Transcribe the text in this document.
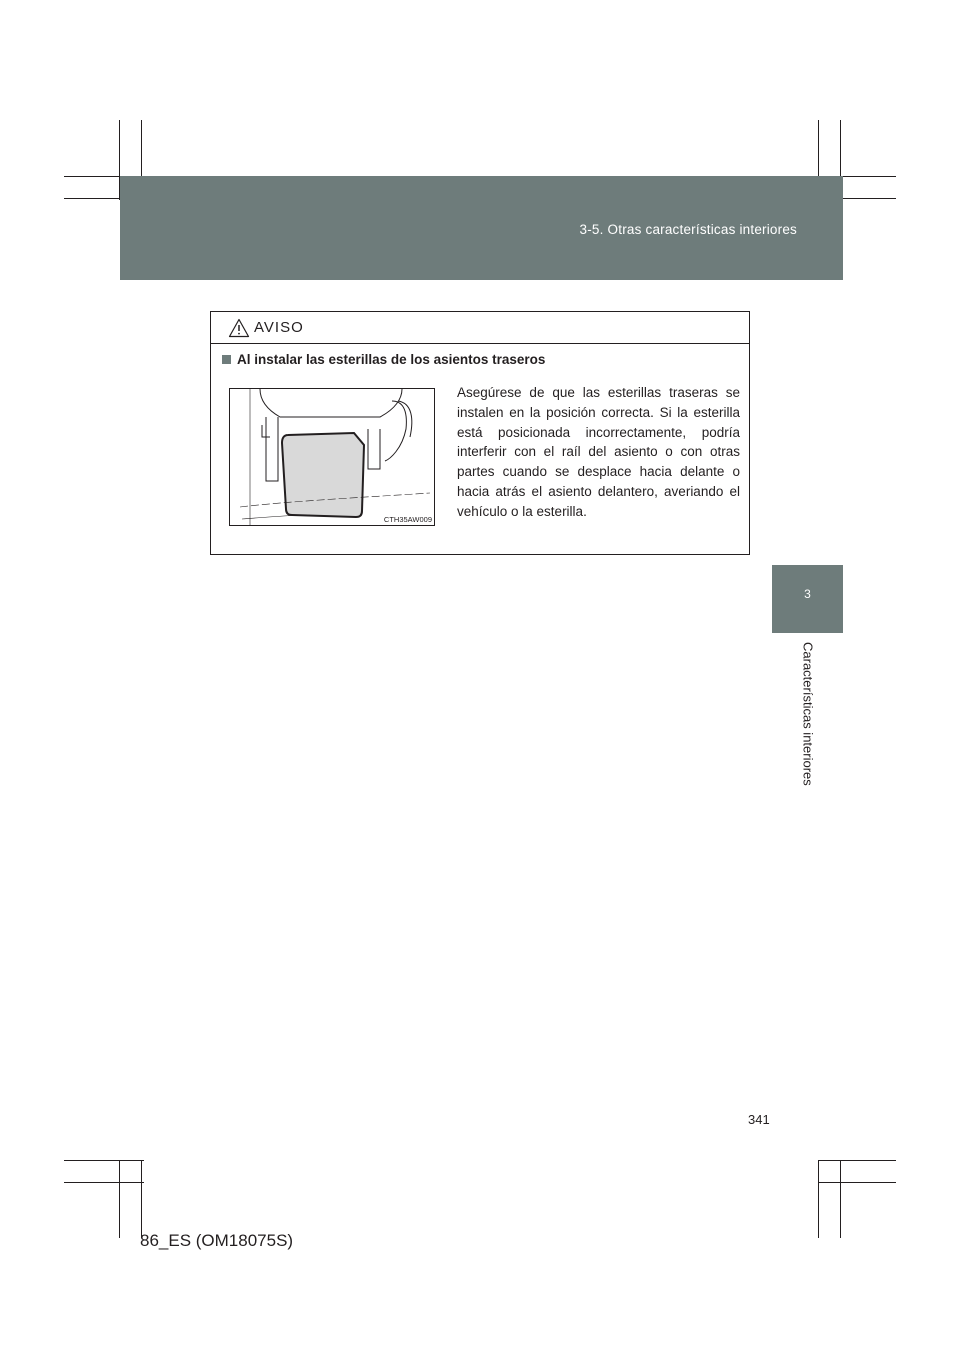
3-5. Otras características interiores
3
Características interiores
AVISO
Al instalar las esterillas de los asientos traseros
CTH35AW009
Asegúrese de que las esterillas traseras se instalen en la posición correcta. Si la esterilla está posicionada incorrectamente, podría interferir con el raíl del asiento o con otras partes cuando se desplace hacia delante o hacia atrás el asiento delantero, averiando el vehículo o la esterilla.
341
86_ES (OM18075S)
